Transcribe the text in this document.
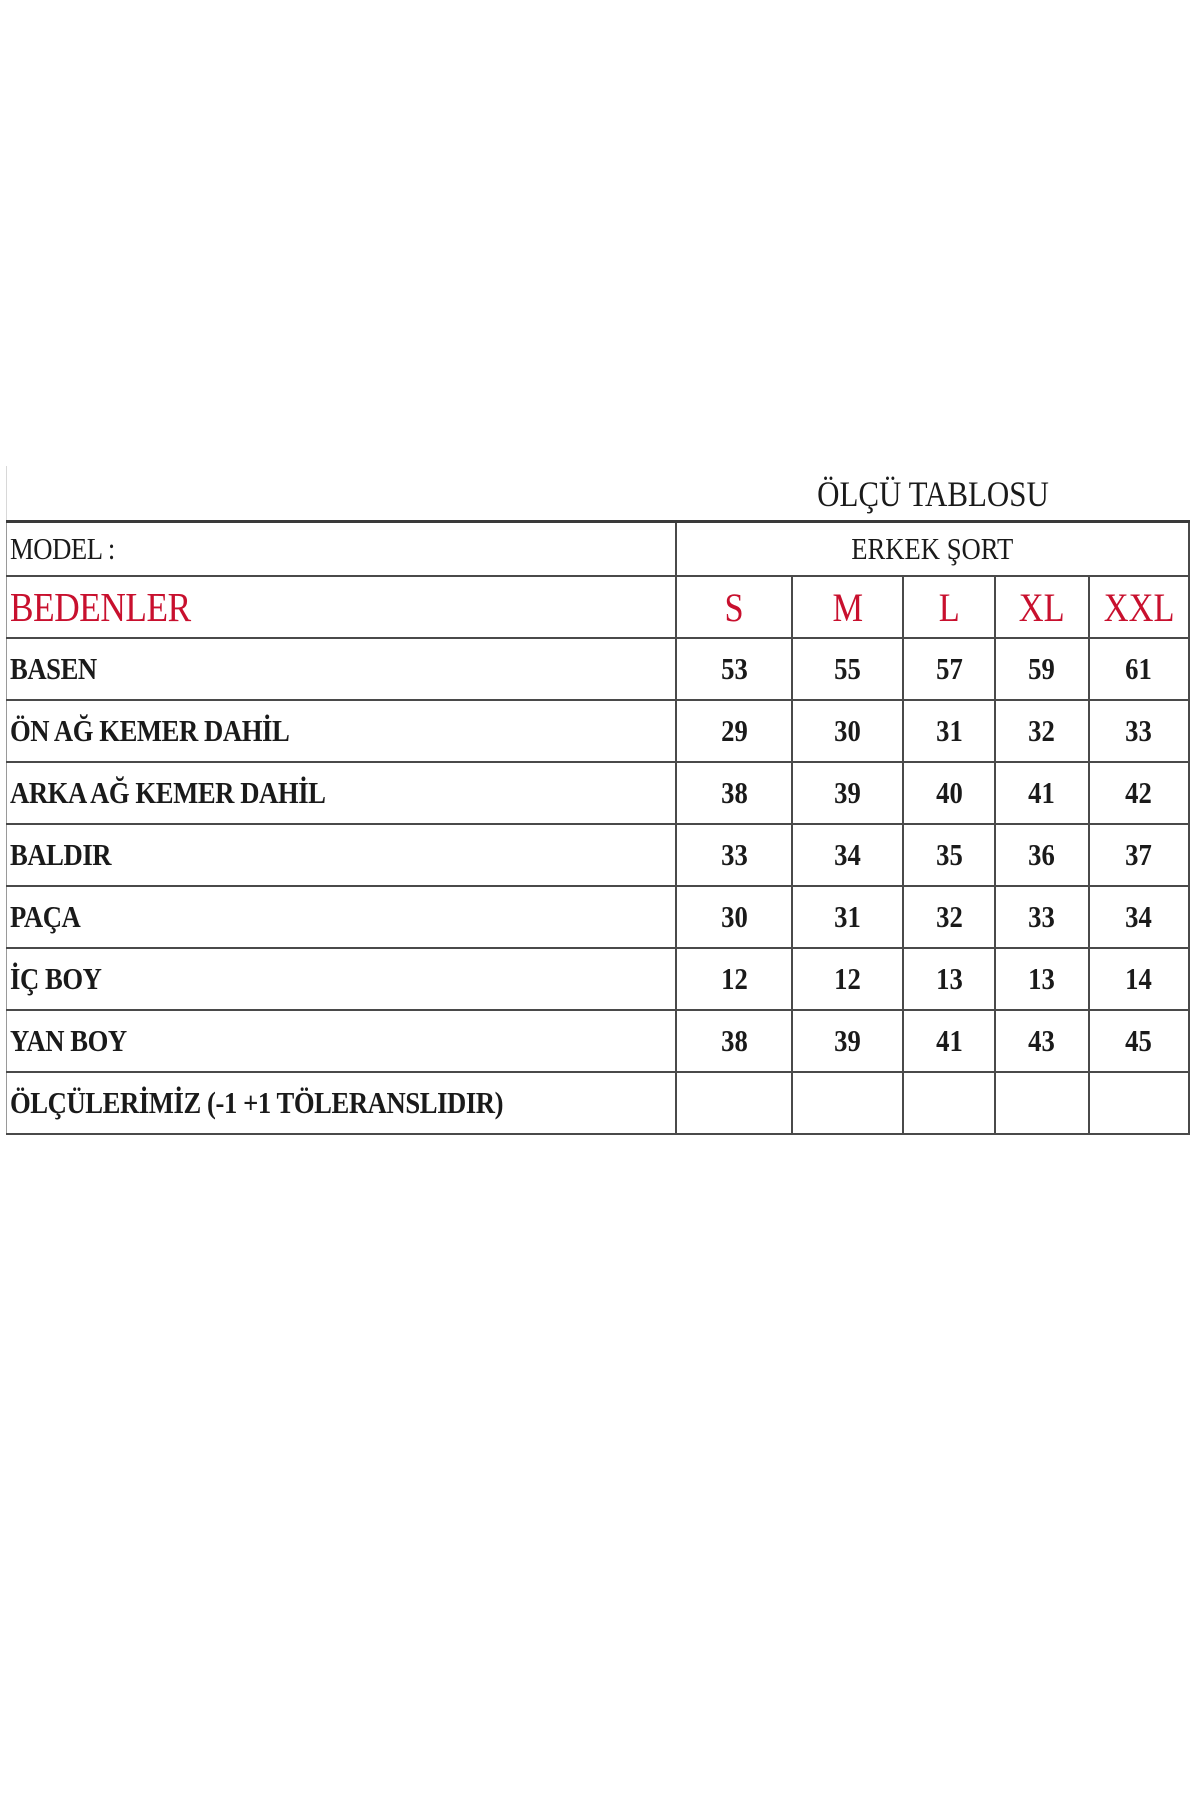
ÖLÇÜ TABLOSU
MODEL :	ERKEK ŞORT				
BEDENLER	S	M	L	XL	XXL
BASEN	53	55	57	59	61
ÖN AĞ KEMER DAHİL	29	30	31	32	33
ARKA AĞ KEMER DAHİL	38	39	40	41	42
BALDIR	33	34	35	36	37
PAÇA	30	31	32	33	34
İÇ BOY	12	12	13	13	14
YAN BOY	38	39	41	43	45
ÖLÇÜLERİMİZ (-1 +1 TÖLERANSLIDIR)					
